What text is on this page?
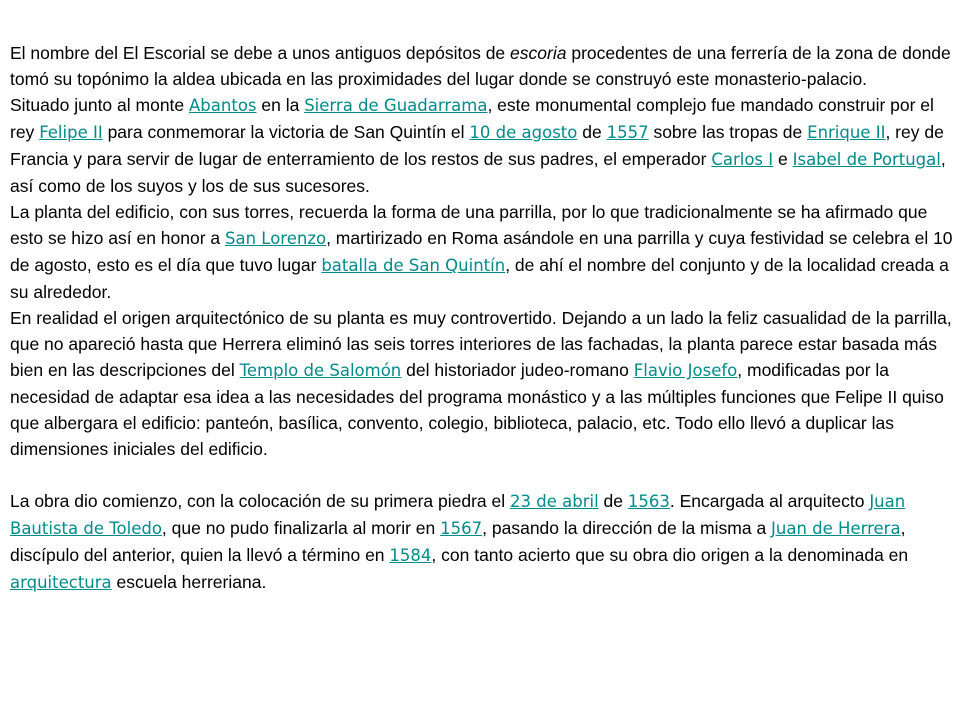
El nombre del El Escorial se debe a unos antiguos depósitos de escoria procedentes de una ferrería de la zona de donde tomó su topónimo la aldea ubicada en las proximidades del lugar donde se construyó este monasterio-palacio.

Situado junto al monte Abantos en la Sierra de Guadarrama, este monumental complejo fue mandado construir por el rey Felipe II para conmemorar la victoria de San Quintín el 10 de agosto de 1557 sobre las tropas de Enrique II, rey de Francia y para servir de lugar de enterramiento de los restos de sus padres, el emperador Carlos I e Isabel de Portugal, así como de los suyos y los de sus sucesores.

La planta del edificio, con sus torres, recuerda la forma de una parrilla, por lo que tradicionalmente se ha afirmado que esto se hizo así en honor a San Lorenzo, martirizado en Roma asándole en una parrilla y cuya festividad se celebra el 10 de agosto, esto es el día que tuvo lugar batalla de San Quintín, de ahí el nombre del conjunto y de la localidad creada a su alrededor.

En realidad el origen arquitectónico de su planta es muy controvertido. Dejando a un lado la feliz casualidad de la parrilla, que no apareció hasta que Herrera eliminó las seis torres interiores de las fachadas, la planta parece estar basada más bien en las descripciones del Templo de Salomón del historiador judeo-romano Flavio Josefo, modificadas por la necesidad de adaptar esa idea a las necesidades del programa monástico y a las múltiples funciones que Felipe II quiso que albergara el edificio: panteón, basílica, convento, colegio, biblioteca, palacio, etc. Todo ello llevó a duplicar las dimensiones iniciales del edificio.

La obra dio comienzo, con la colocación de su primera piedra el 23 de abril de 1563. Encargada al arquitecto Juan Bautista de Toledo, que no pudo finalizarla al morir en 1567, pasando la dirección de la misma a Juan de Herrera, discípulo del anterior, quien la llevó a término en 1584, con tanto acierto que su obra dio origen a la denominada en arquitectura escuela herreriana.
